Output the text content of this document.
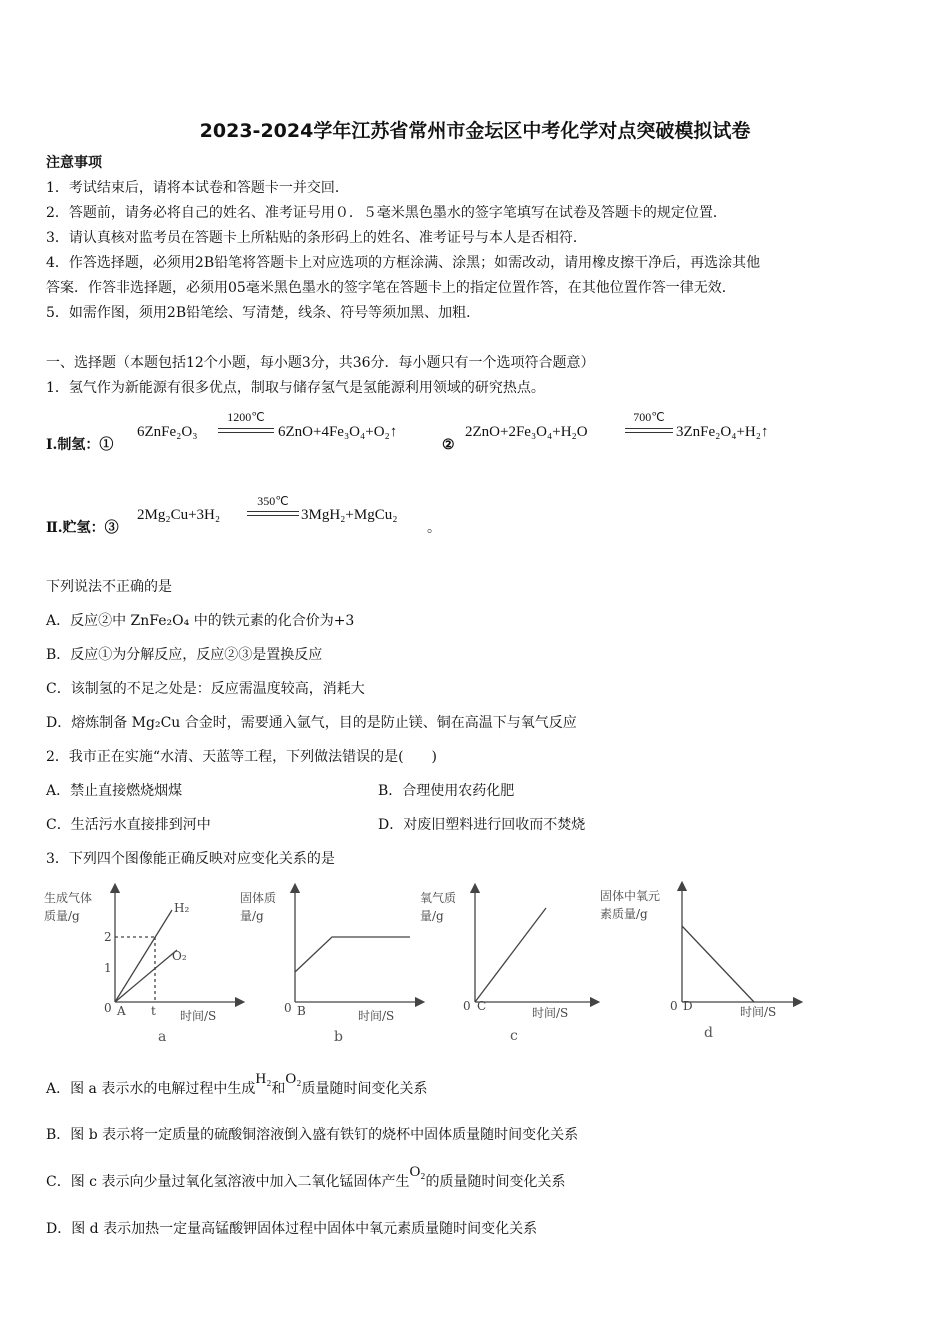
2023-2024学年江苏省常州市金坛区中考化学对点突破模拟试卷
注意事项
1．考试结束后，请将本试卷和答题卡一并交回．
2．答题前，请务必将自己的姓名、准考证号用０．５毫米黑色墨水的签字笔填写在试卷及答题卡的规定位置．
3．请认真核对监考员在答题卡上所粘贴的条形码上的姓名、准考证号与本人是否相符．
4．作答选择题，必须用2B铅笔将答题卡上对应选项的方框涂满、涂黑；如需改动，请用橡皮擦干净后，再选涂其他
答案．作答非选择题，必须用05毫米黑色墨水的签字笔在答题卡上的指定位置作答，在其他位置作答一律无效．
5．如需作图，须用2B铅笔绘、写清楚，线条、符号等须加黑、加粗．
一、选择题（本题包括12个小题，每小题3分，共36分．每小题只有一个选项符合题意）
1．氢气作为新能源有很多优点，制取与储存氢气是氢能源利用领域的研究热点。
Ⅰ.制氢：①
6ZnFe₂O₃
1200℃
6ZnO+4Fe₃O₄+O₂↑
②
2ZnO+2Fe₃O₄+H₂O
700℃
3ZnFe₂O₄+H₂↑
Ⅱ.贮氢：③
2Mg₂Cu+3H₂
350℃
3MgH₂+MgCu₂
。
下列说法不正确的是
A．反应②中 ZnFe₂O₄ 中的铁元素的化合价为+3
B．反应①为分解反应，反应②③是置换反应
C．该制氢的不足之处是：反应需温度较高，消耗大
D．熔炼制备 Mg₂Cu 合金时，需要通入氩气，目的是防止镁、铜在高温下与氧气反应
2．我市正在实施“水清、天蓝等工程，下列做法错误的是(　　)
A．禁止直接燃烧烟煤	B．合理使用农药化肥
C．生活污水直接排到河中	D．对废旧塑料进行回收而不焚烧
3．下列四个图像能正确反映对应变化关系的是
生成气体
质量/g
2
1
H₂
O₂
0 A t 时间/S
a
固体质
量/g
0 B	时间/S
b
氧气质
量/g
0 C	时间/S
c
固体中氧元
素质量/g
0 D	时间/S
d
A．图 a 表示水的电解过程中生成H₂和O₂质量随时间变化关系
B．图 b 表示将一定质量的硫酸铜溶液倒入盛有铁钉的烧杯中固体质量随时间变化关系
C．图 c 表示向少量过氧化氢溶液中加入二氧化锰固体产生O₂的质量随时间变化关系
D．图 d 表示加热一定量高锰酸钾固体过程中固体中氧元素质量随时间变化关系
